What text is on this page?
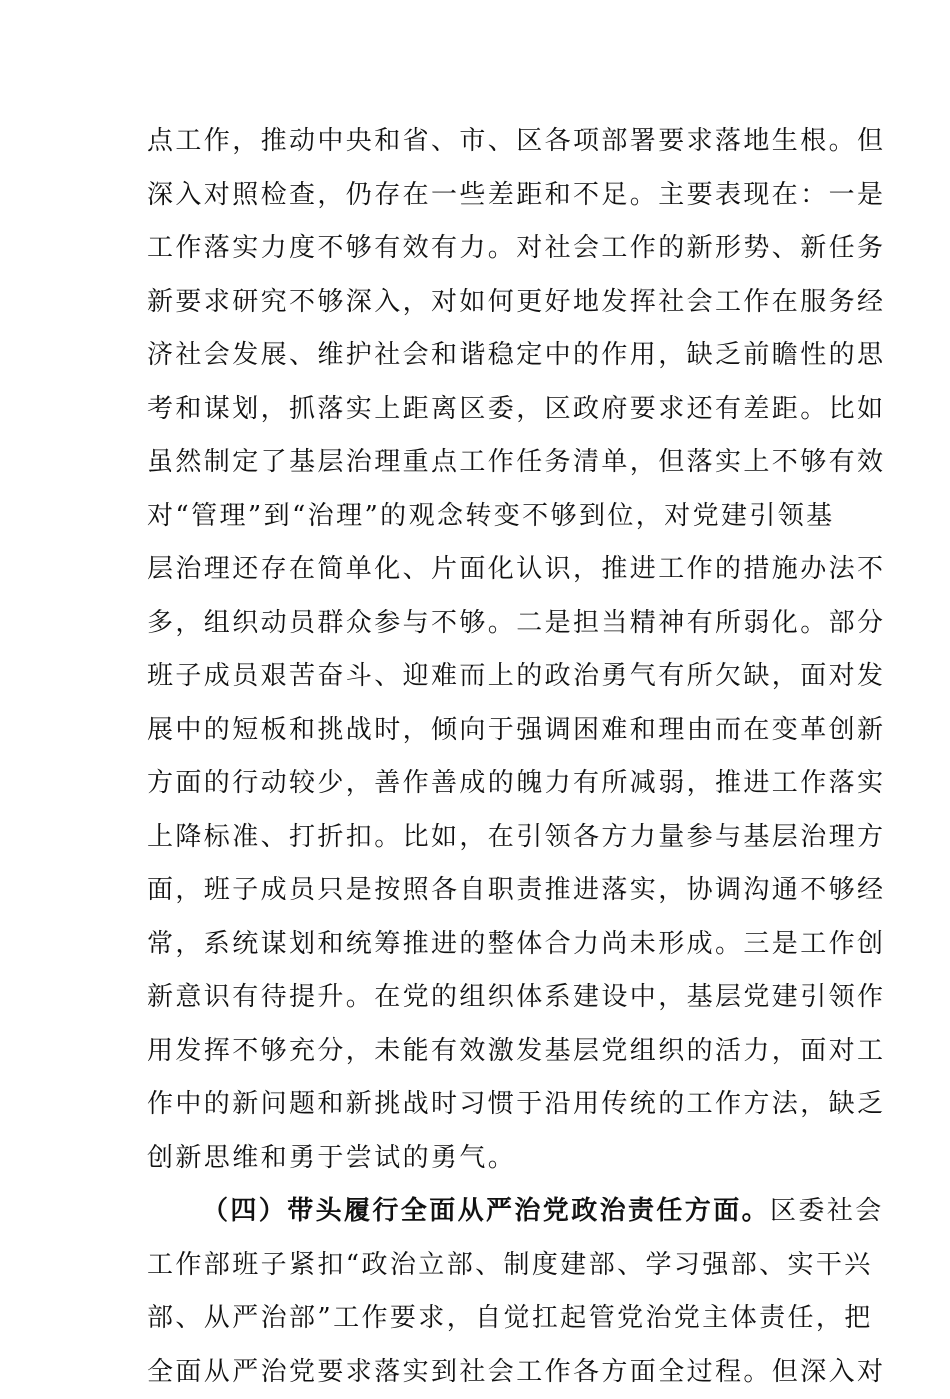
点工作，推动中央和省、市、区各项部署要求落地生根。但
深入对照检查，仍存在一些差距和不足。主要表现在：一是
工作落实力度不够有效有力。对社会工作的新形势、新任务
新要求研究不够深入，对如何更好地发挥社会工作在服务经
济社会发展、维护社会和谐稳定中的作用，缺乏前瞻性的思
考和谋划，抓落实上距离区委，区政府要求还有差距。比如
虽然制定了基层治理重点工作任务清单，但落实上不够有效
对“管理”到“治理”的观念转变不够到位，对党建引领基
层治理还存在简单化、片面化认识，推进工作的措施办法不
多，组织动员群众参与不够。二是担当精神有所弱化。部分
班子成员艰苦奋斗、迎难而上的政治勇气有所欠缺，面对发
展中的短板和挑战时，倾向于强调困难和理由而在变革创新
方面的行动较少，善作善成的魄力有所减弱，推进工作落实
上降标准、打折扣。比如，在引领各方力量参与基层治理方
面，班子成员只是按照各自职责推进落实，协调沟通不够经
常，系统谋划和统筹推进的整体合力尚未形成。三是工作创
新意识有待提升。在党的组织体系建设中，基层党建引领作
用发挥不够充分，未能有效激发基层党组织的活力，面对工
作中的新问题和新挑战时习惯于沿用传统的工作方法，缺乏
创新思维和勇于尝试的勇气。
（四）带头履行全面从严治党政治责任方面。区委社会
工作部班子紧扣“政治立部、制度建部、学习强部、实干兴
部、从严治部”工作要求，自觉扛起管党治党主体责任，把
全面从严治党要求落实到社会工作各方面全过程。但深入对
